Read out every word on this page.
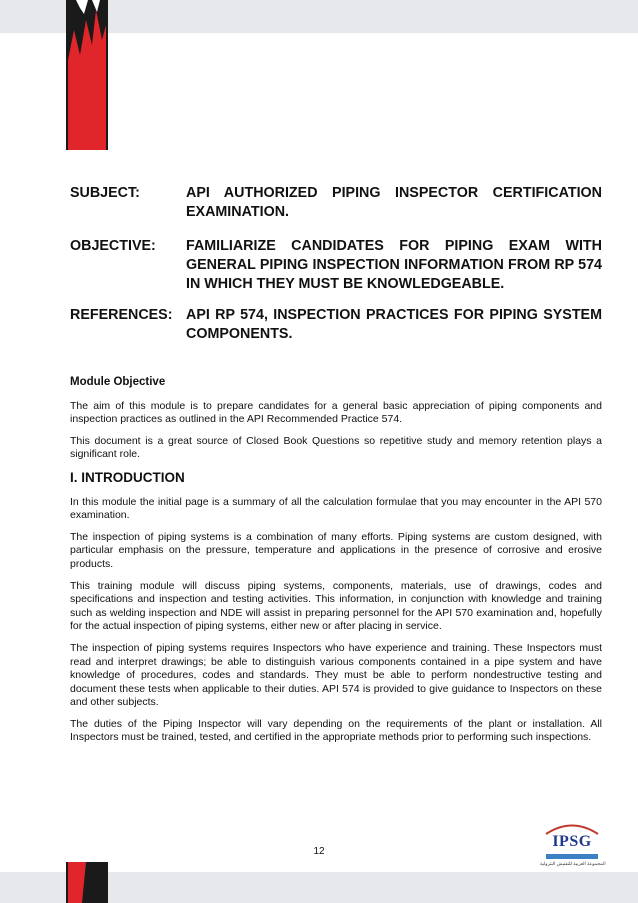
SUBJECT:	API AUTHORIZED PIPING INSPECTOR CERTIFICATION EXAMINATION.
OBJECTIVE:	FAMILIARIZE CANDIDATES FOR PIPING EXAM WITH GENERAL PIPING INSPECTION INFORMATION FROM RP 574 IN WHICH THEY MUST BE KNOWLEDGEABLE.
REFERENCES: API RP 574, INSPECTION PRACTICES FOR PIPING SYSTEM COMPONENTS.
Module Objective

The aim of this module is to prepare candidates for a general basic appreciation of piping components and inspection practices as outlined in the API Recommended Practice 574.

This document is a great source of Closed Book Questions so repetitive study and memory retention plays a significant role.

I. INTRODUCTION

In this module the initial page is a summary of all the calculation formulae that you may encounter in the API 570 examination.

The inspection of piping systems is a combination of many efforts. Piping systems are custom designed, with particular emphasis on the pressure, temperature and applications in the presence of corrosive and erosive products.

This training module will discuss piping systems, components, materials, use of drawings, codes and specifications and inspection and testing activities. This information, in conjunction with knowledge and training such as welding inspection and NDE will assist in preparing personnel for the API 570 examination and, hopefully for the actual inspection of piping systems, either new or after placing in service.

The inspection of piping systems requires Inspectors who have experience and training. These Inspectors must read and interpret drawings; be able to distinguish various components contained in a pipe system and have knowledge of procedures, codes and standards. They must be able to perform nondestructive testing and document these tests when applicable to their duties. API 574 is provided to give guidance to Inspectors on these and other subjects.

The duties of the Piping Inspector will vary depending on the requirements of the plant or installation. All Inspectors must be trained, tested, and certified in the appropriate methods prior to performing such inspections.

12
IPSG
المجموعة العربية للتفتيش البترولية
